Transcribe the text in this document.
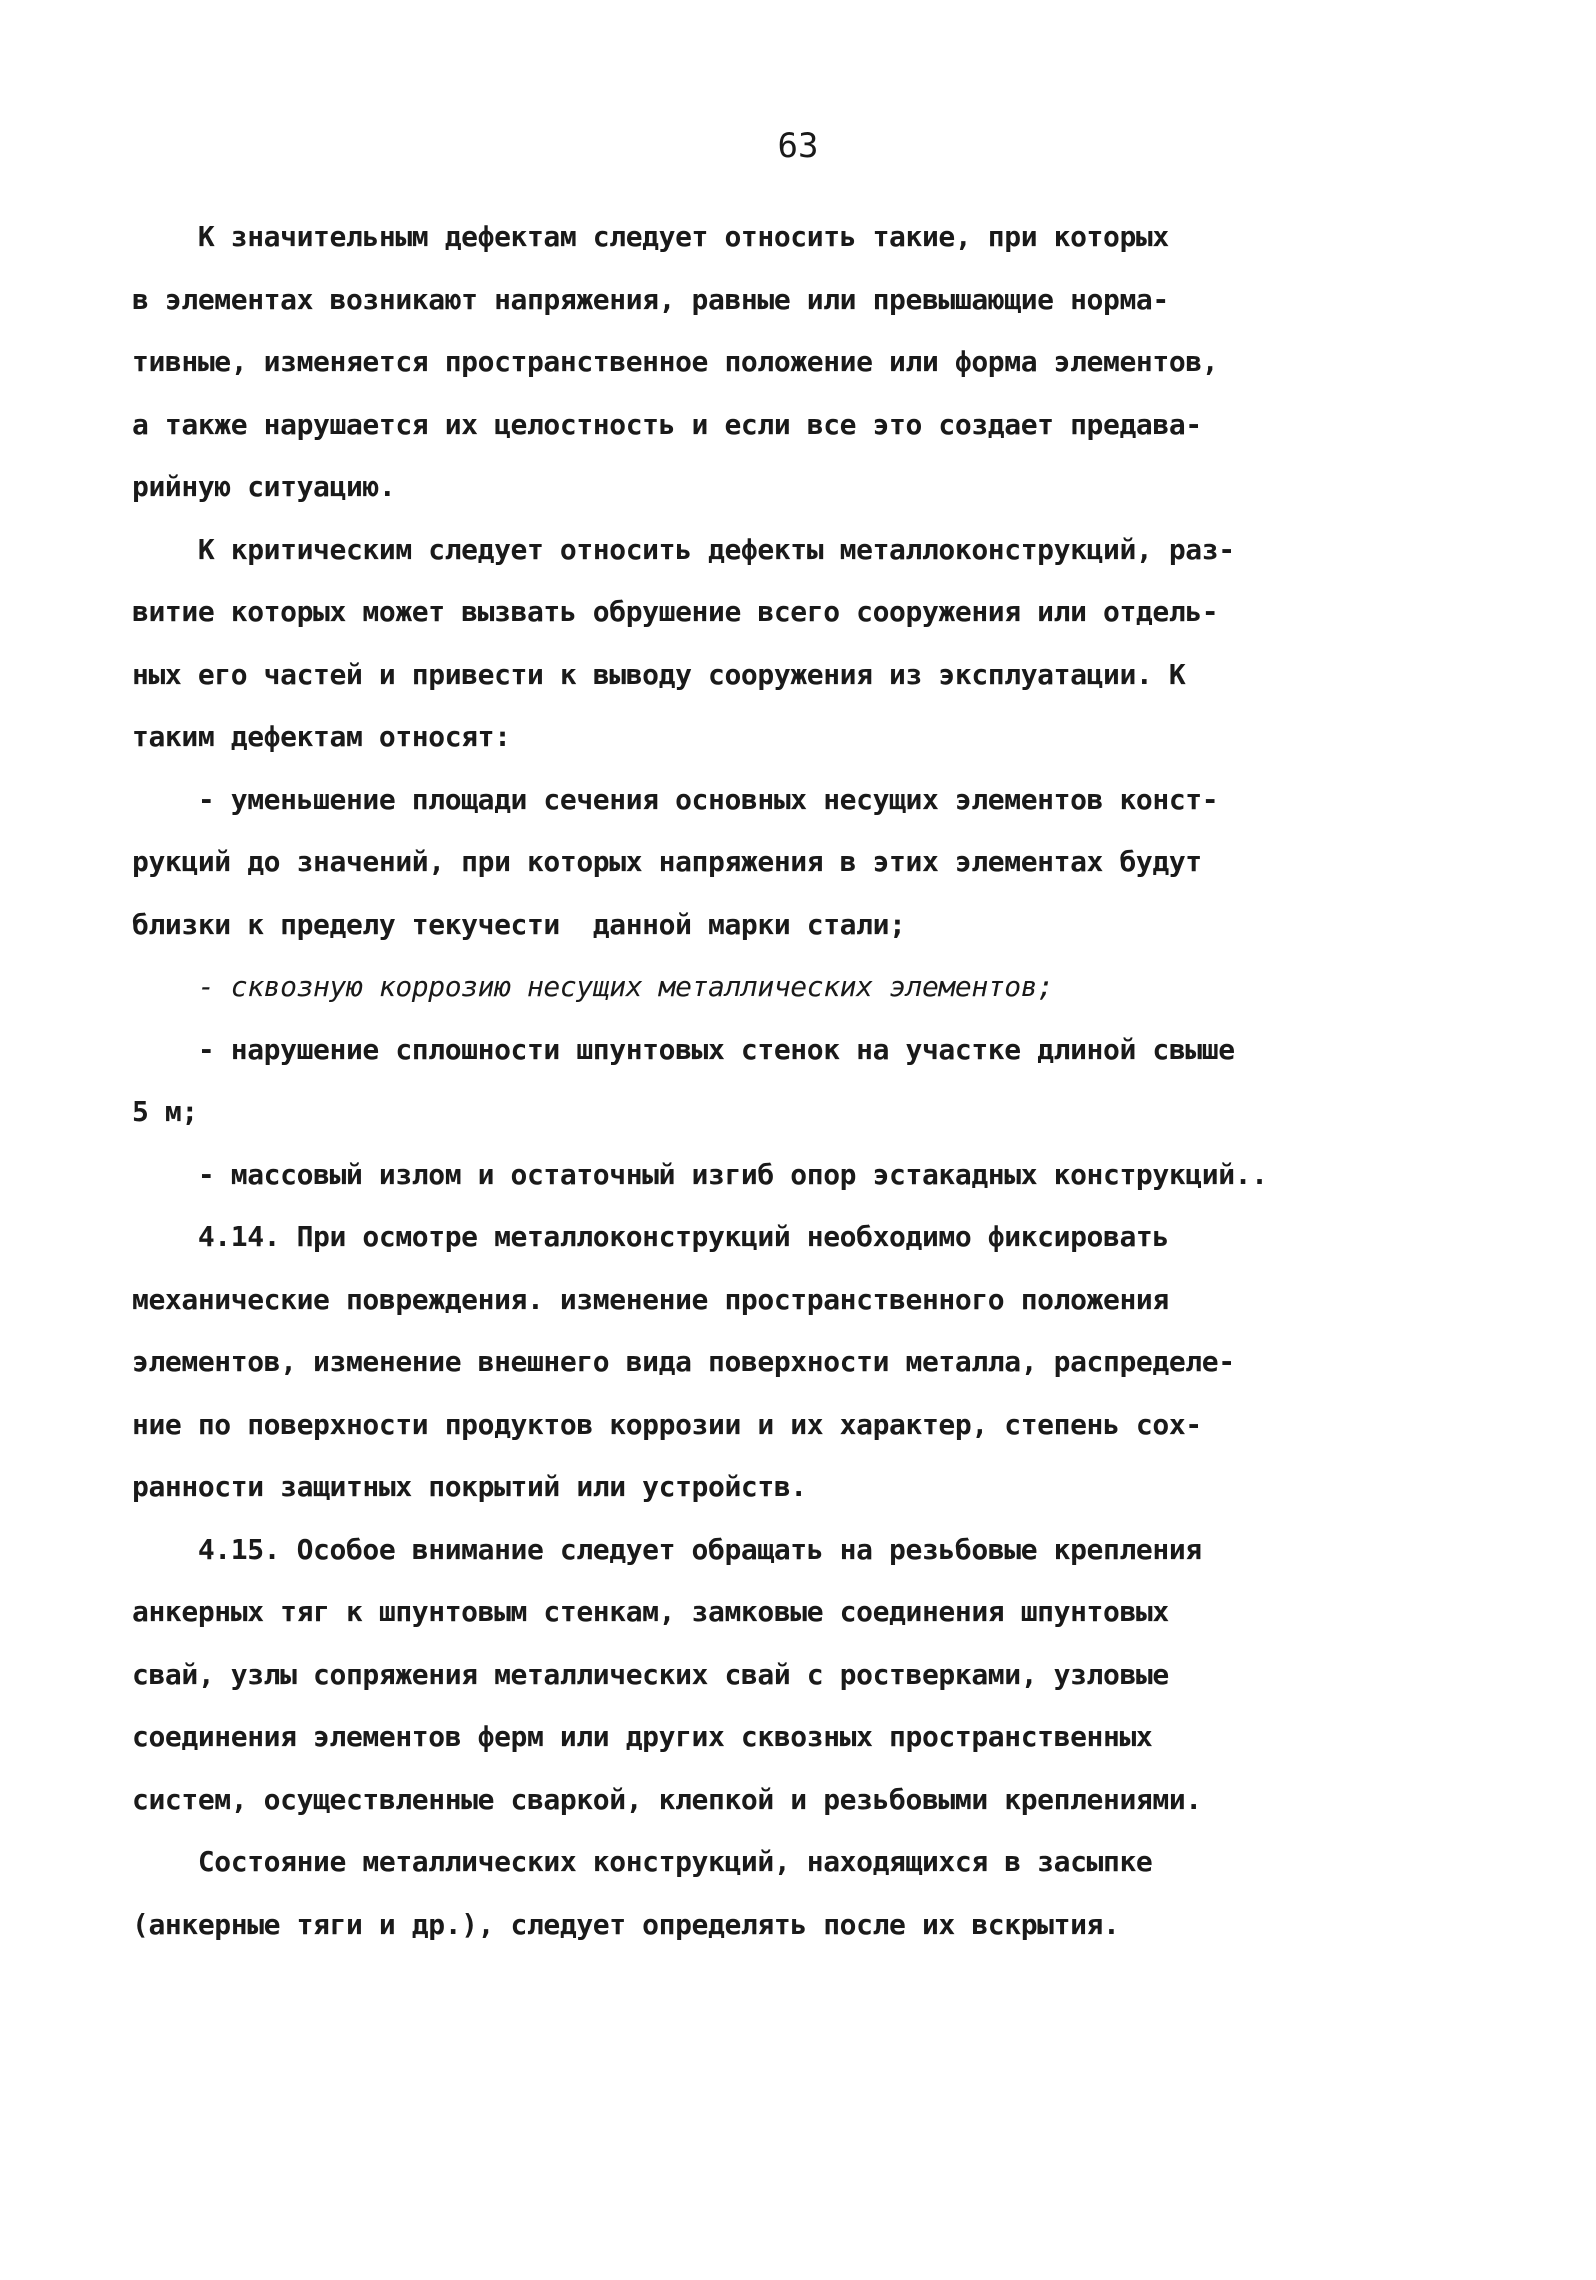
63
К значительным дефектам следует относить такие, при которых
в элементах возникают напряжения, равные или превышающие норма-
тивные, изменяется пространственное положение или форма элементов,
а также нарушается их целостность и если все это создает предава-
рийную ситуацию.
К критическим следует относить дефекты металлоконструкций, раз-
витие которых может вызвать обрушение всего сооружения или отдель-
ных его частей и привести к выводу сооружения из эксплуатации. К
таким дефектам относят:
- уменьшение площади сечения основных несущих элементов конст-
рукций до значений, при которых напряжения в этих элементах будут
близки к пределу текучести  данной марки стали;
- сквозную коррозию несущих металлических элементов;
- нарушение сплошности шпунтовых стенок на участке длиной свыше
5 м;
- массовый излом и остаточный изгиб опор эстакадных конструкций..
4.14. При осмотре металлоконструкций необходимо фиксировать
механические повреждения. изменение пространственного положения
элементов, изменение внешнего вида поверхности металла, распределе-
ние по поверхности продуктов коррозии и их характер, степень сох-
ранности защитных покрытий или устройств.
4.15. Особое внимание следует обращать на резьбовые крепления
анкерных тяг к шпунтовым стенкам, замковые соединения шпунтовых
свай, узлы сопряжения металлических свай с ростверками, узловые
соединения элементов ферм или других сквозных пространственных
систем, осуществленные сваркой, клепкой и резьбовыми креплениями.
Состояние металлических конструкций, находящихся в засыпке
(анкерные тяги и др.), следует определять после их вскрытия.
